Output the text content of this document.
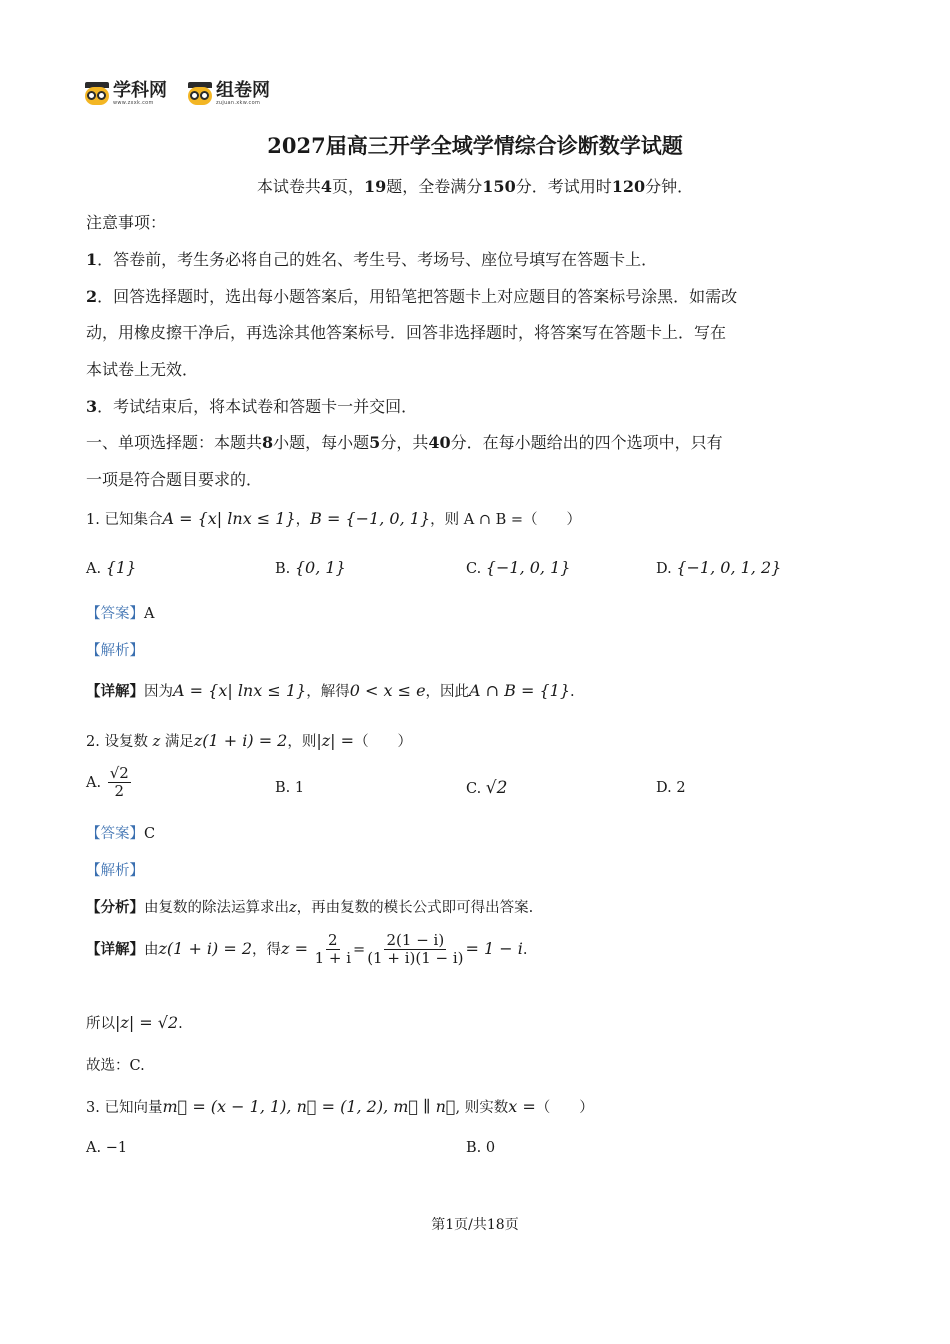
学科网
www.zxxk.com
组卷网
zujuan.xkw.com
2027届高三开学全域学情综合诊断数学试题
本试卷共4页，19题，全卷满分150分．考试用时120分钟．
注意事项：
1．答卷前，考生务必将自己的姓名、考生号、考场号、座位号填写在答题卡上．
2．回答选择题时，选出每小题答案后，用铅笔把答题卡上对应题目的答案标号涂黑．如需改
动，用橡皮擦干净后，再选涂其他答案标号．回答非选择题时，将答案写在答题卡上．写在
本试卷上无效．
3．考试结束后，将本试卷和答题卡一并交回．
一、单项选择题：本题共8小题，每小题5分，共40分．在每小题给出的四个选项中，只有
一项是符合题目要求的．
1. 已知集合A = {x| lnx ≤ 1}，B = {−1, 0, 1}，则 A ∩ B =（　　）
A. {1}	B. {0, 1}	C. {−1, 0, 1}	D. {−1, 0, 1, 2}
【答案】A
【解析】
【详解】因为A = {x| lnx ≤ 1}，解得0 < x ≤ e，因此A ∩ B = {1}.
2. 设复数 z 满足z(1 + i) = 2，则|z| =（　　）
A. $\frac{√2}{2}$	B. 1	C. √2	D. 2
【答案】C
【解析】
【分析】由复数的除法运算求出z，再由复数的模长公式即可得出答案.
【详解】由z(1 + i) = 2，得$z = \frac{2}{1 + i} = \frac{2(1 - i)}{(1 + i)(1 - i)} = 1 - i$.
所以|z| = √2.
故选：C.
3. 已知向量m⃗ = (x − 1, 1), n⃗ = (1, 2), m⃗ ∥ n⃗, 则实数x =（　　）
A. −1	B. 0
第1页/共18页
